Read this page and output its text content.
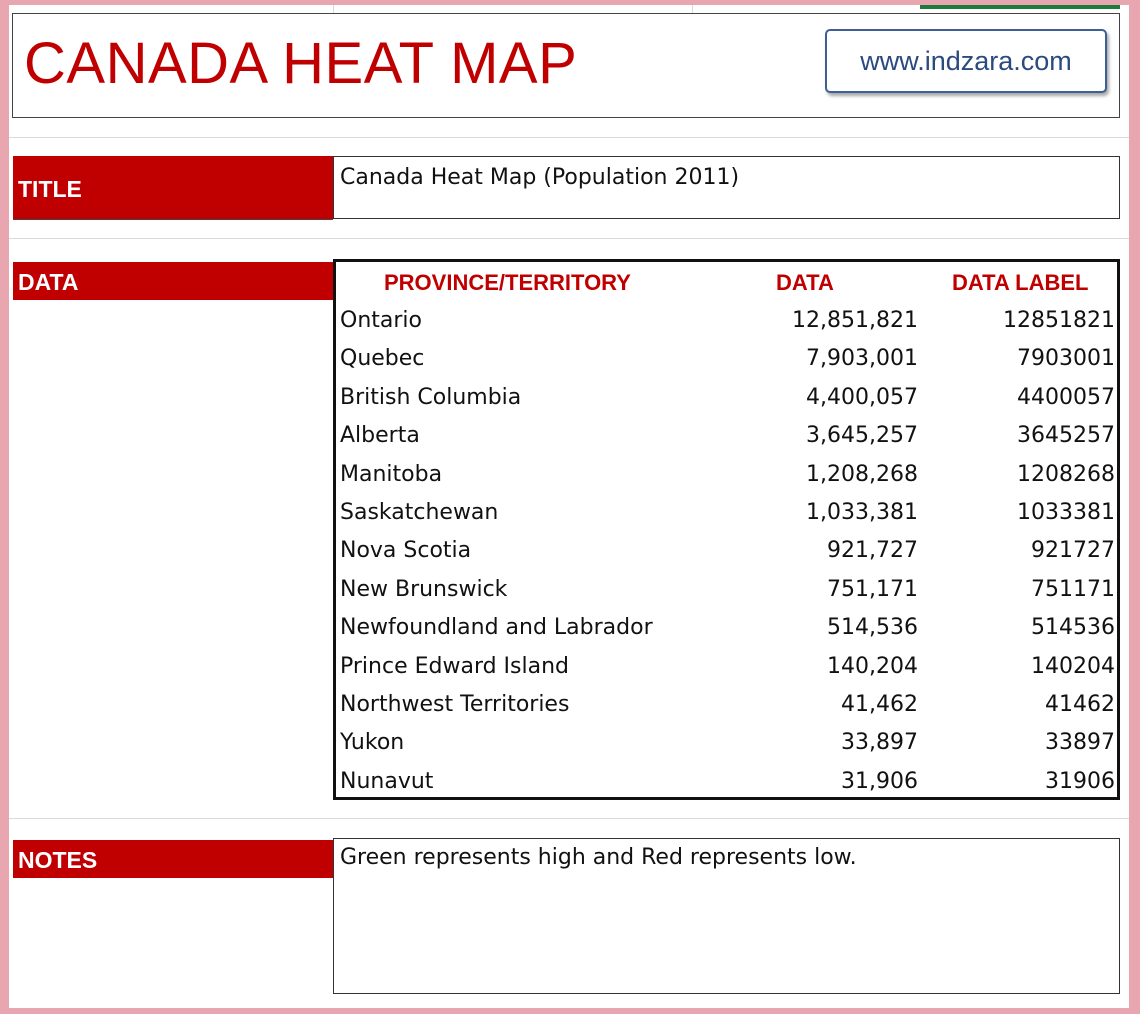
CANADA HEAT MAP	www.indzara.com
TITLE	Canada Heat Map (Population 2011)
DATA	PROVINCE/TERRITORY	DATA	DATA LABEL
Ontario	12,851,821	12851821
Quebec	7,903,001	7903001
British Columbia	4,400,057	4400057
Alberta	3,645,257	3645257
Manitoba	1,208,268	1208268
Saskatchewan	1,033,381	1033381
Nova Scotia	921,727	921727
New Brunswick	751,171	751171
Newfoundland and Labrador	514,536	514536
Prince Edward Island	140,204	140204
Northwest Territories	41,462	41462
Yukon	33,897	33897
Nunavut	31,906	31906
NOTES	Green represents high and Red represents low.
